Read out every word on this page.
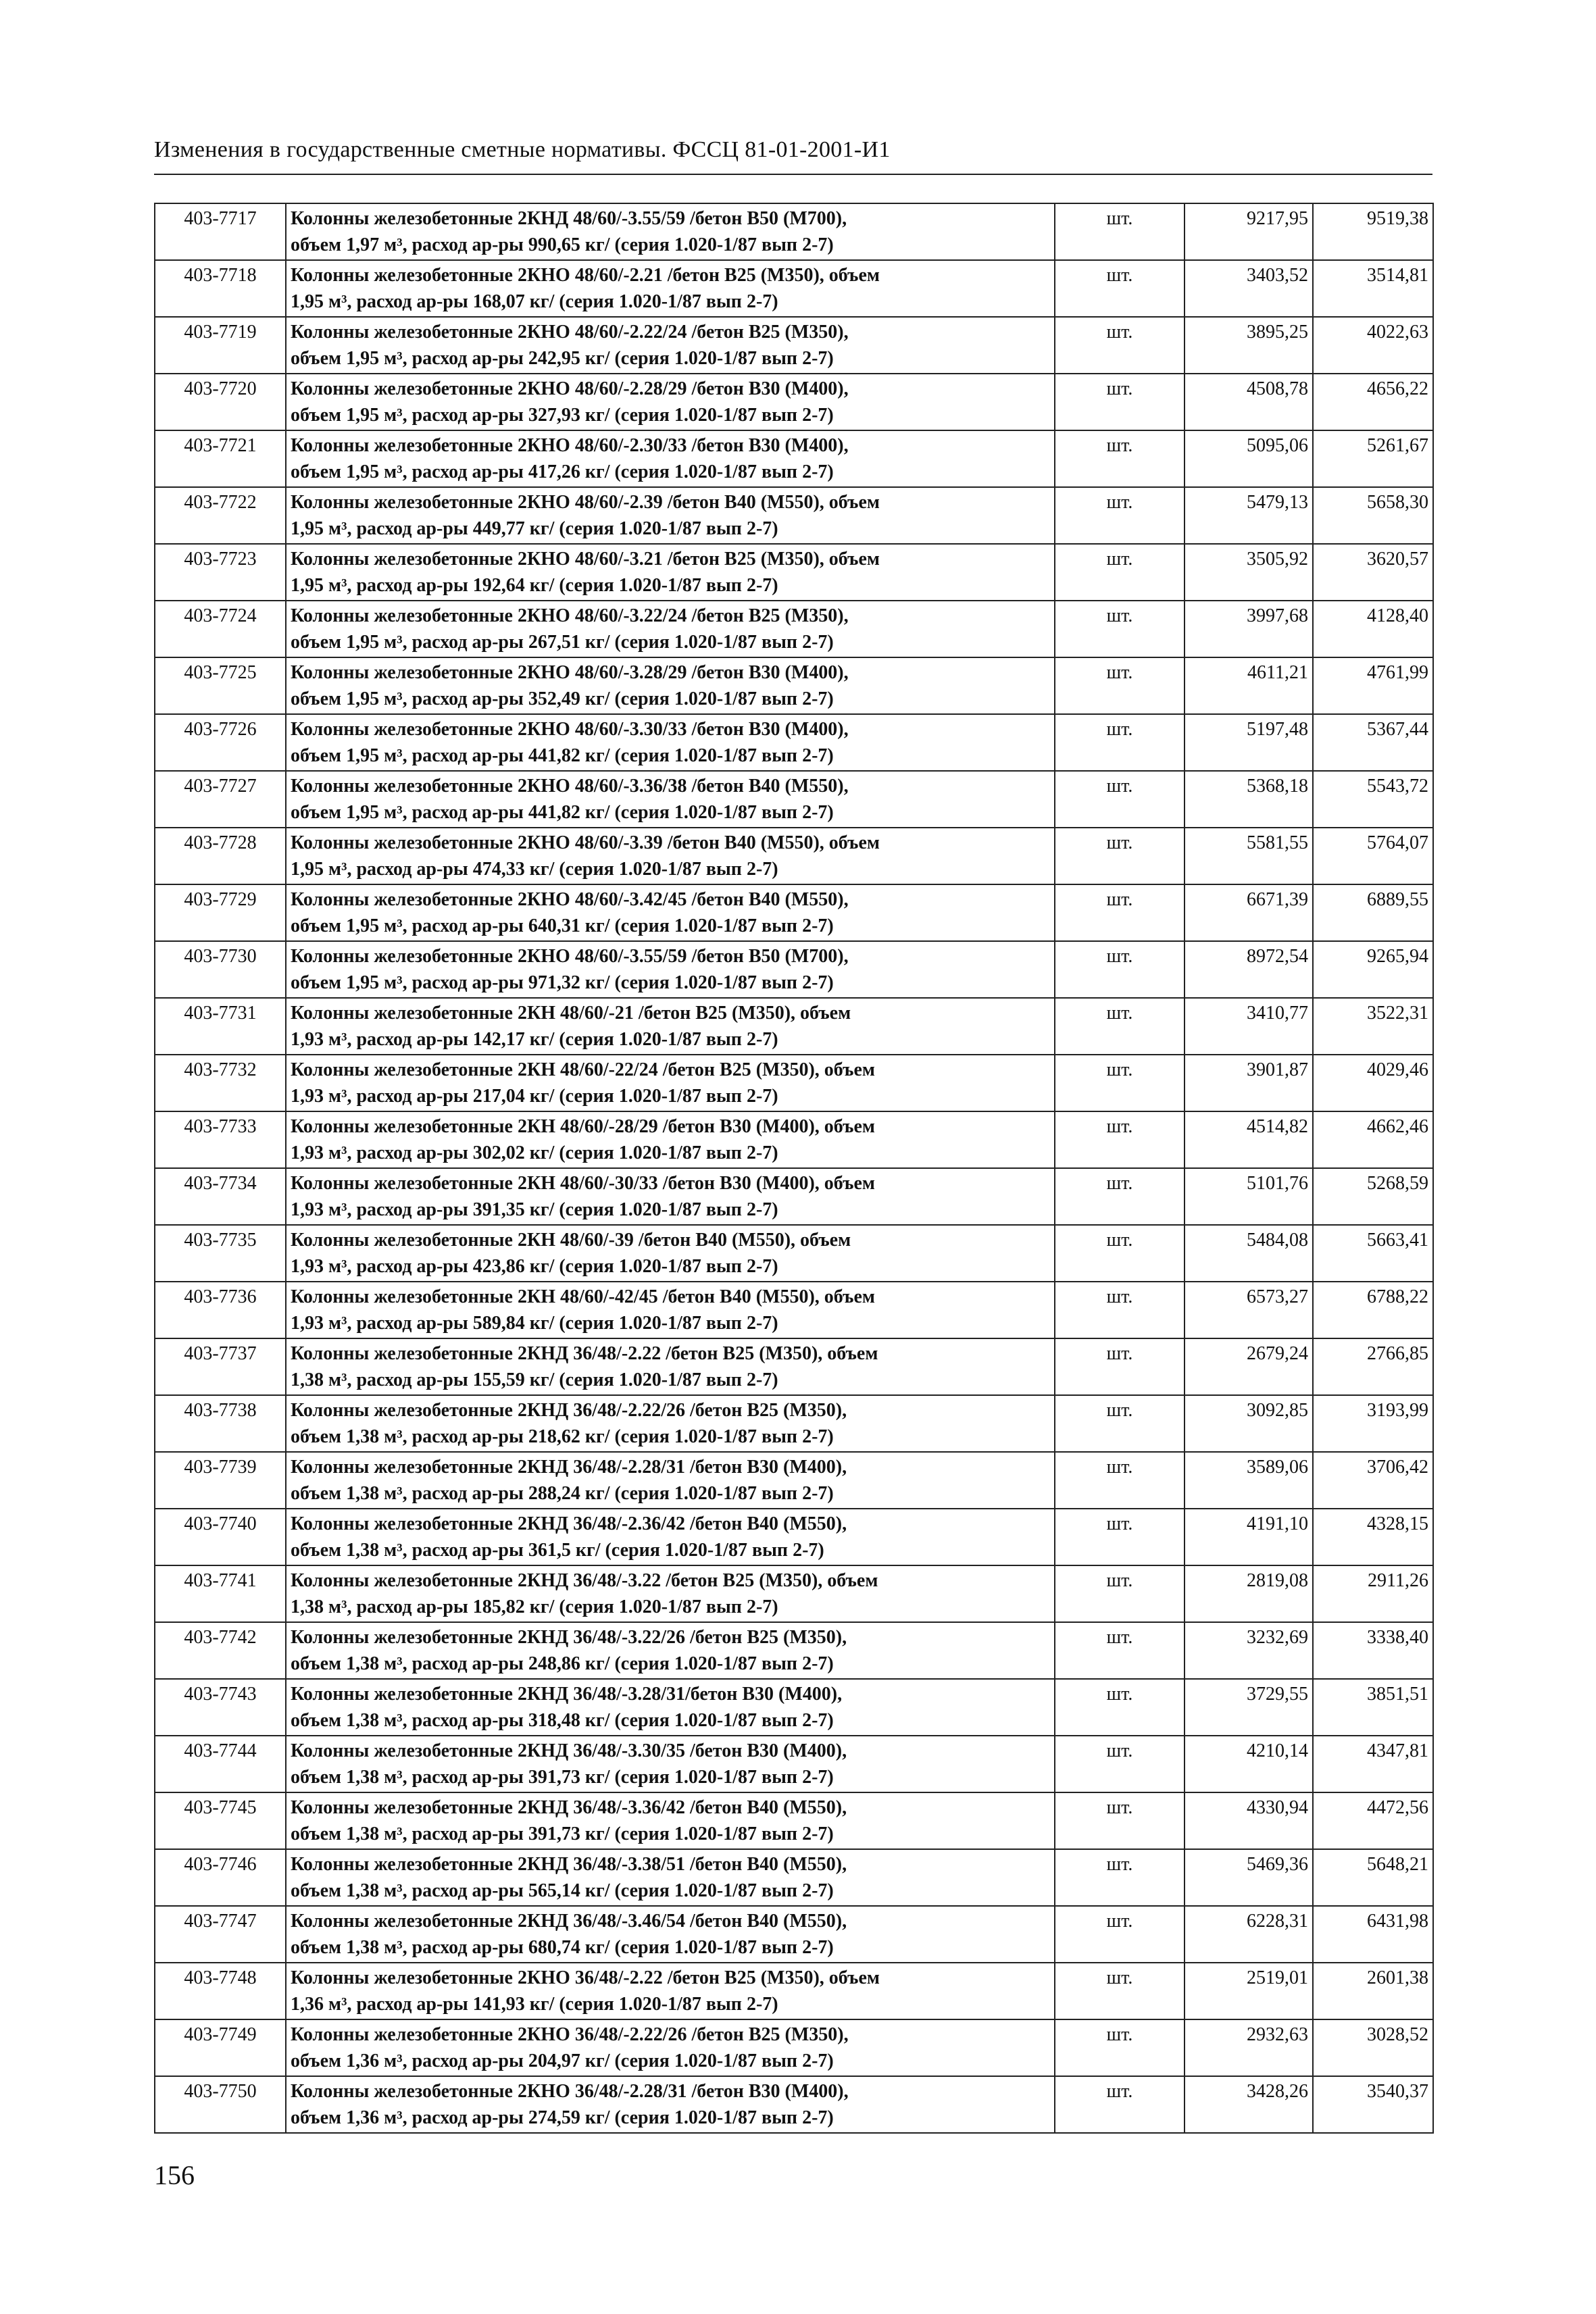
Изменения в государственные сметные нормативы. ФССЦ 81-01-2001-И1
403-7717	Колонны железобетонные 2КНД 48/60/-3.55/59 /бетон В50 (М700),
объем 1,97 м³, расход ар-ры 990,65 кг/ (серия 1.020-1/87 вып 2-7)	шт.	9217,95	9519,38
403-7718	Колонны железобетонные 2КНО 48/60/-2.21 /бетон В25 (М350), объем
1,95 м³, расход ар-ры 168,07 кг/ (серия 1.020-1/87 вып 2-7)	шт.	3403,52	3514,81
403-7719	Колонны железобетонные 2КНО 48/60/-2.22/24 /бетон В25 (М350),
объем 1,95 м³, расход ар-ры 242,95 кг/ (серия 1.020-1/87 вып 2-7)	шт.	3895,25	4022,63
403-7720	Колонны железобетонные 2КНО 48/60/-2.28/29 /бетон В30 (М400),
объем 1,95 м³, расход ар-ры 327,93 кг/ (серия 1.020-1/87 вып 2-7)	шт.	4508,78	4656,22
403-7721	Колонны железобетонные 2КНО 48/60/-2.30/33 /бетон В30 (М400),
объем 1,95 м³, расход ар-ры 417,26 кг/ (серия 1.020-1/87 вып 2-7)	шт.	5095,06	5261,67
403-7722	Колонны железобетонные 2КНО 48/60/-2.39 /бетон В40 (М550), объем
1,95 м³, расход ар-ры 449,77 кг/ (серия 1.020-1/87 вып 2-7)	шт.	5479,13	5658,30
403-7723	Колонны железобетонные 2КНО 48/60/-3.21 /бетон В25 (М350), объем
1,95 м³, расход ар-ры 192,64 кг/ (серия 1.020-1/87 вып 2-7)	шт.	3505,92	3620,57
403-7724	Колонны железобетонные 2КНО 48/60/-3.22/24 /бетон В25 (М350),
объем 1,95 м³, расход ар-ры 267,51 кг/ (серия 1.020-1/87 вып 2-7)	шт.	3997,68	4128,40
403-7725	Колонны железобетонные 2КНО 48/60/-3.28/29 /бетон В30 (М400),
объем 1,95 м³, расход ар-ры 352,49 кг/ (серия 1.020-1/87 вып 2-7)	шт.	4611,21	4761,99
403-7726	Колонны железобетонные 2КНО 48/60/-3.30/33 /бетон В30 (М400),
объем 1,95 м³, расход ар-ры 441,82 кг/ (серия 1.020-1/87 вып 2-7)	шт.	5197,48	5367,44
403-7727	Колонны железобетонные 2КНО 48/60/-3.36/38 /бетон В40 (М550),
объем 1,95 м³, расход ар-ры 441,82 кг/ (серия 1.020-1/87 вып 2-7)	шт.	5368,18	5543,72
403-7728	Колонны железобетонные 2КНО 48/60/-3.39 /бетон В40 (М550), объем
1,95 м³, расход ар-ры 474,33 кг/ (серия 1.020-1/87 вып 2-7)	шт.	5581,55	5764,07
403-7729	Колонны железобетонные 2КНО 48/60/-3.42/45 /бетон В40 (М550),
объем 1,95 м³, расход ар-ры 640,31 кг/ (серия 1.020-1/87 вып 2-7)	шт.	6671,39	6889,55
403-7730	Колонны железобетонные 2КНО 48/60/-3.55/59 /бетон В50 (М700),
объем 1,95 м³, расход ар-ры 971,32 кг/ (серия 1.020-1/87 вып 2-7)	шт.	8972,54	9265,94
403-7731	Колонны железобетонные 2КН 48/60/-21 /бетон В25 (М350), объем
1,93 м³, расход ар-ры 142,17 кг/ (серия 1.020-1/87 вып 2-7)	шт.	3410,77	3522,31
403-7732	Колонны железобетонные 2КН 48/60/-22/24 /бетон В25 (М350), объем
1,93 м³, расход ар-ры 217,04 кг/ (серия 1.020-1/87 вып 2-7)	шт.	3901,87	4029,46
403-7733	Колонны железобетонные 2КН 48/60/-28/29 /бетон В30 (М400), объем
1,93 м³, расход ар-ры 302,02 кг/ (серия 1.020-1/87 вып 2-7)	шт.	4514,82	4662,46
403-7734	Колонны железобетонные 2КН 48/60/-30/33 /бетон В30 (М400), объем
1,93 м³, расход ар-ры 391,35 кг/ (серия 1.020-1/87 вып 2-7)	шт.	5101,76	5268,59
403-7735	Колонны железобетонные 2КН 48/60/-39 /бетон В40 (М550), объем
1,93 м³, расход ар-ры 423,86 кг/ (серия 1.020-1/87 вып 2-7)	шт.	5484,08	5663,41
403-7736	Колонны железобетонные 2КН 48/60/-42/45 /бетон В40 (М550), объем
1,93 м³, расход ар-ры 589,84 кг/ (серия 1.020-1/87 вып 2-7)	шт.	6573,27	6788,22
403-7737	Колонны железобетонные 2КНД 36/48/-2.22 /бетон В25 (М350), объем
1,38 м³, расход ар-ры 155,59 кг/ (серия 1.020-1/87 вып 2-7)	шт.	2679,24	2766,85
403-7738	Колонны железобетонные 2КНД 36/48/-2.22/26 /бетон В25 (М350),
объем 1,38 м³, расход ар-ры 218,62 кг/ (серия 1.020-1/87 вып 2-7)	шт.	3092,85	3193,99
403-7739	Колонны железобетонные 2КНД 36/48/-2.28/31 /бетон В30 (М400),
объем 1,38 м³, расход ар-ры 288,24 кг/ (серия 1.020-1/87 вып 2-7)	шт.	3589,06	3706,42
403-7740	Колонны железобетонные 2КНД 36/48/-2.36/42 /бетон В40 (М550),
объем 1,38 м³, расход ар-ры 361,5 кг/ (серия 1.020-1/87 вып 2-7)	шт.	4191,10	4328,15
403-7741	Колонны железобетонные 2КНД 36/48/-3.22 /бетон В25 (М350), объем
1,38 м³, расход ар-ры 185,82 кг/ (серия 1.020-1/87 вып 2-7)	шт.	2819,08	2911,26
403-7742	Колонны железобетонные 2КНД 36/48/-3.22/26 /бетон В25 (М350),
объем 1,38 м³, расход ар-ры 248,86 кг/ (серия 1.020-1/87 вып 2-7)	шт.	3232,69	3338,40
403-7743	Колонны железобетонные 2КНД 36/48/-3.28/31/бетон В30 (М400),
объем 1,38 м³, расход ар-ры 318,48 кг/ (серия 1.020-1/87 вып 2-7)	шт.	3729,55	3851,51
403-7744	Колонны железобетонные 2КНД 36/48/-3.30/35 /бетон В30 (М400),
объем 1,38 м³, расход ар-ры 391,73 кг/ (серия 1.020-1/87 вып 2-7)	шт.	4210,14	4347,81
403-7745	Колонны железобетонные 2КНД 36/48/-3.36/42 /бетон В40 (М550),
объем 1,38 м³, расход ар-ры 391,73 кг/ (серия 1.020-1/87 вып 2-7)	шт.	4330,94	4472,56
403-7746	Колонны железобетонные 2КНД 36/48/-3.38/51 /бетон В40 (М550),
объем 1,38 м³, расход ар-ры 565,14 кг/ (серия 1.020-1/87 вып 2-7)	шт.	5469,36	5648,21
403-7747	Колонны железобетонные 2КНД 36/48/-3.46/54 /бетон В40 (М550),
объем 1,38 м³, расход ар-ры 680,74 кг/ (серия 1.020-1/87 вып 2-7)	шт.	6228,31	6431,98
403-7748	Колонны железобетонные 2КНО 36/48/-2.22 /бетон В25 (М350), объем
1,36 м³, расход ар-ры 141,93 кг/ (серия 1.020-1/87 вып 2-7)	шт.	2519,01	2601,38
403-7749	Колонны железобетонные 2КНО 36/48/-2.22/26 /бетон В25 (М350),
объем 1,36 м³, расход ар-ры 204,97 кг/ (серия 1.020-1/87 вып 2-7)	шт.	2932,63	3028,52
403-7750	Колонны железобетонные 2КНО 36/48/-2.28/31 /бетон В30 (М400),
объем 1,36 м³, расход ар-ры 274,59 кг/ (серия 1.020-1/87 вып 2-7)	шт.	3428,26	3540,37
156
